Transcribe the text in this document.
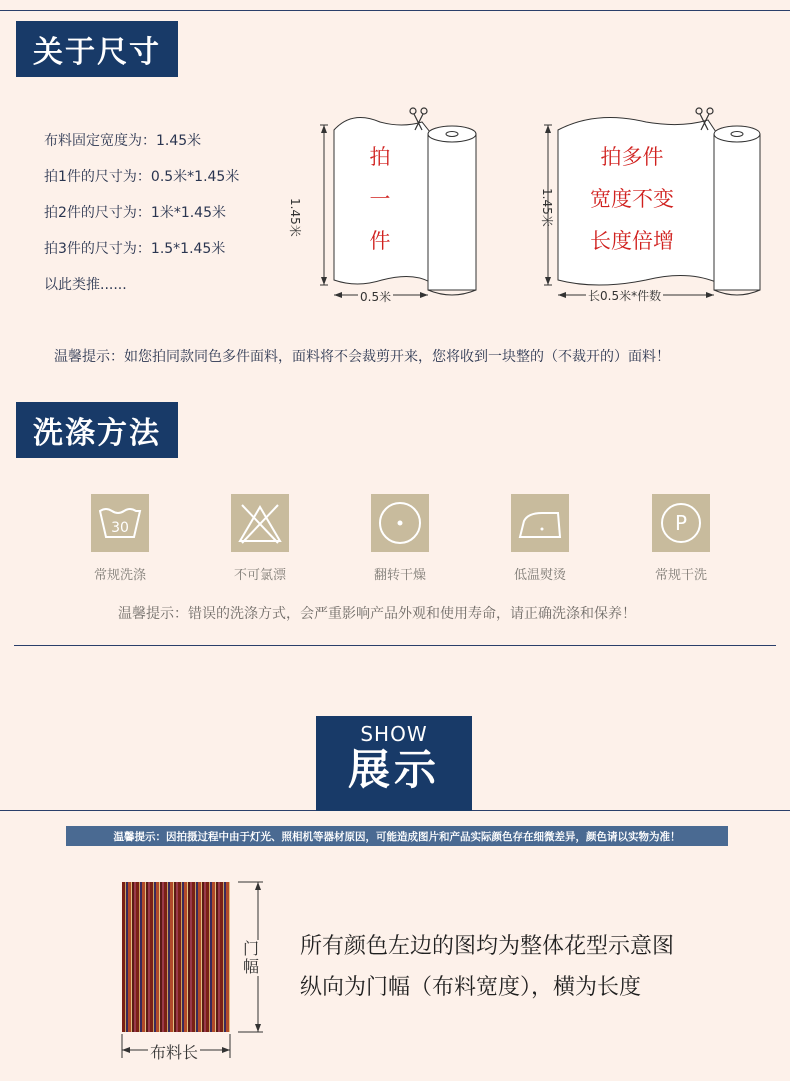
关于尺寸
布料固定宽度为：1.45米
拍1件的尺寸为：0.5米*1.45米
拍2件的尺寸为：1米*1.45米
拍3件的尺寸为：1.5*1.45米
以此类推......
1.45米
0.5米
拍
一
件
1.45米
长0.5米*件数
拍多件
宽度不变
长度倍增
温馨提示：如您拍同款同色多件面料，面料将不会裁剪开来，您将收到一块整的（不裁开的）面料！
洗涤方法
30	P
常规洗涤	不可氯漂	翻转干燥	低温熨烫	常规干洗
温馨提示：错误的洗涤方式，会严重影响产品外观和使用寿命，请正确洗涤和保养！
SHOW
展示
温馨提示：因拍摄过程中由于灯光、照相机等器材原因，可能造成图片和产品实际颜色存在细微差异，颜色请以实物为准！
门幅
布料长
所有颜色左边的图均为整体花型示意图
纵向为门幅（布料宽度），横为长度
